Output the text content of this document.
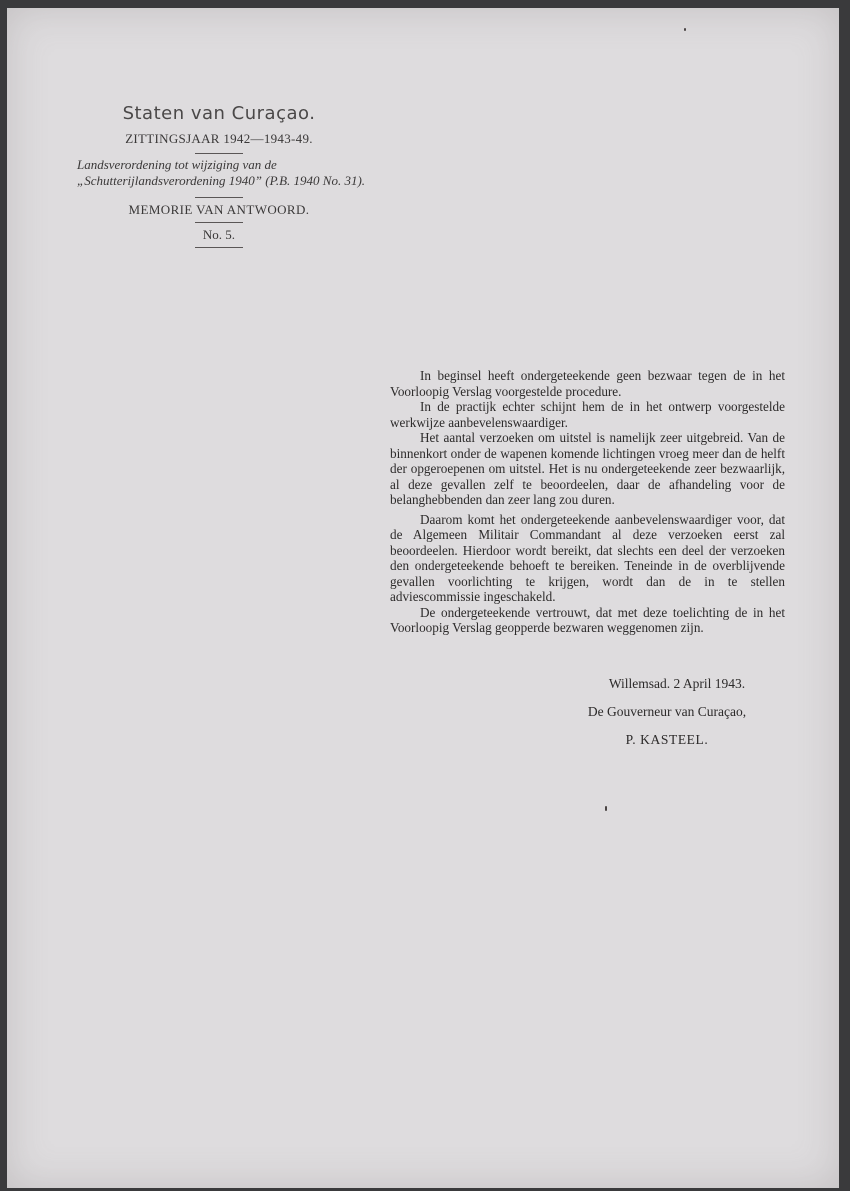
Staten van Curaçao.
ZITTINGSJAAR 1942—1943-49.
Landsverordening tot wijziging van de „Schutterijlandsverordening 1940” (P.B. 1940 No. 31).
MEMORIE VAN ANTWOORD.
No. 5.

In beginsel heeft ondergeteekende geen bezwaar tegen de in het Voorloopig Verslag voorgestelde procedure.

In de practijk echter schijnt hem de in het ontwerp voorgestelde werkwijze aanbevelenswaardiger.

Het aantal verzoeken om uitstel is namelijk zeer uitgebreid. Van de binnenkort onder de wapenen komende lichtingen vroeg meer dan de helft der opgeroepenen om uitstel. Het is nu ondergeteekende zeer bezwaarlijk, al deze gevallen zelf te beoordeelen, daar de afhandeling voor de belanghebbenden dan zeer lang zou duren.

Daarom komt het ondergeteekende aanbevelenswaardiger voor, dat de Algemeen Militair Commandant al deze verzoeken eerst zal beoordeelen. Hierdoor wordt bereikt, dat slechts een deel der verzoeken den ondergeteekende behoeft te bereiken. Teneinde in de overblijvende gevallen voorlichting te krijgen, wordt dan de in te stellen adviescommissie ingeschakeld.

De ondergeteekende vertrouwt, dat met deze toelichting de in het Voorloopig Verslag geopperde bezwaren weggenomen zijn.

Willemsad. 2 April 1943.
De Gouverneur van Curaçao,
P. KASTEEL.
